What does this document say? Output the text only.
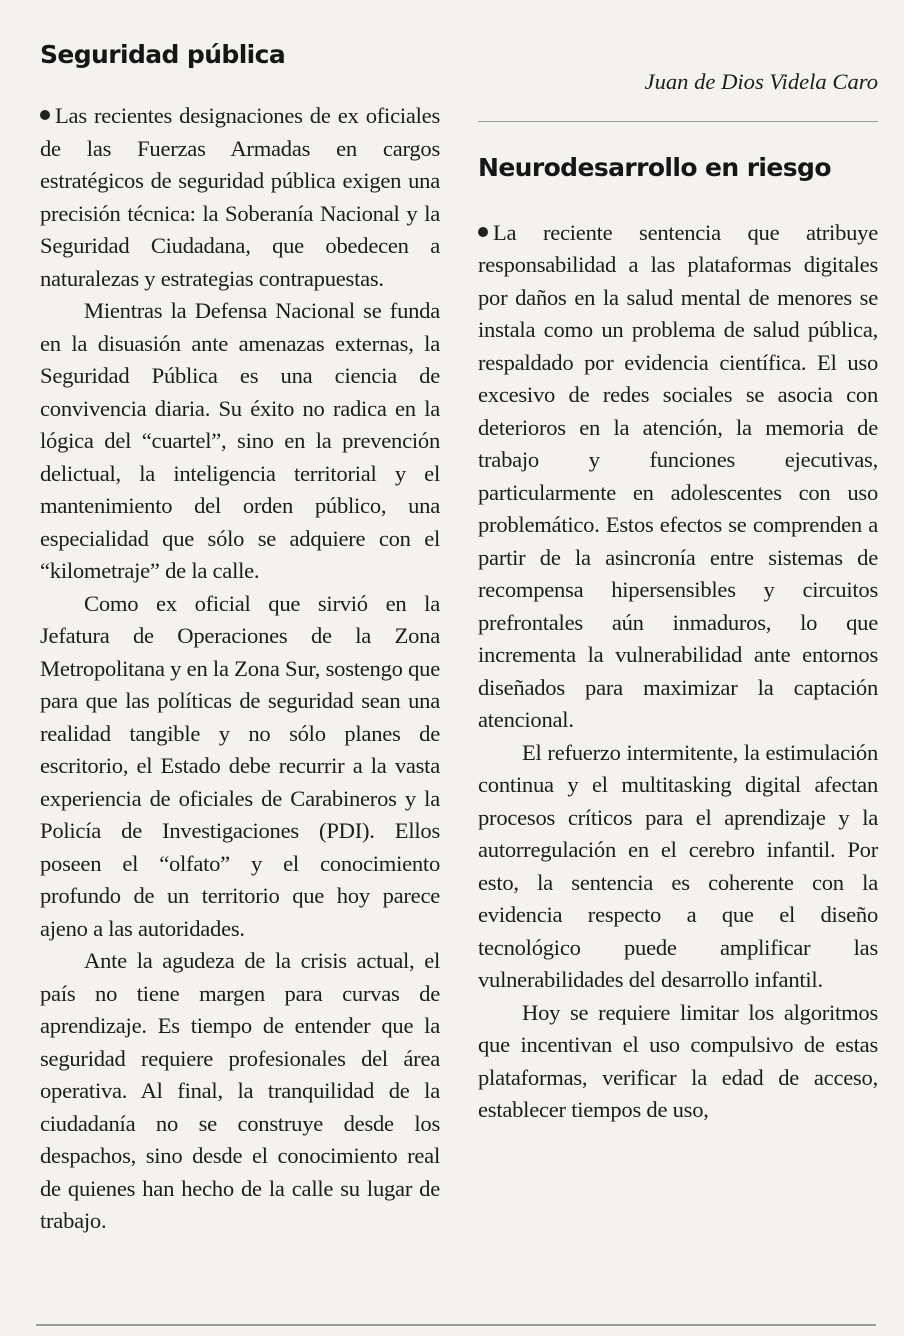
Seguridad pública

Las recientes designaciones de ex oficiales de las Fuerzas Armadas en cargos estratégicos de seguridad pública exigen una precisión técnica: la Soberanía Nacional y la Seguridad Ciudadana, que obedecen a naturalezas y estrategias contrapuestas.

Mientras la Defensa Nacional se funda en la disuasión ante amenazas externas, la Seguridad Pública es una ciencia de convivencia diaria. Su éxito no radica en la lógica del “cuartel”, sino en la prevención delictual, la inteligencia territorial y el mantenimiento del orden público, una especialidad que sólo se adquiere con el “kilometraje” de la calle.

Como ex oficial que sirvió en la Jefatura de Operaciones de la Zona Metropolitana y en la Zona Sur, sostengo que para que las políticas de seguridad sean una realidad tangible y no sólo planes de escritorio, el Estado debe recurrir a la vasta experiencia de oficiales de Carabineros y la Policía de Investigaciones (PDI). Ellos poseen el “olfato” y el conocimiento profundo de un territorio que hoy parece ajeno a las autoridades.

Ante la agudeza de la crisis actual, el país no tiene margen para curvas de aprendizaje. Es tiempo de entender que la seguridad requiere profesionales del área operativa. Al final, la tranquilidad de la ciudadanía no se construye desde los despachos, sino desde el conocimiento real de quienes han hecho de la calle su lugar de trabajo.

Juan de Dios Videla Caro
Neurodesarrollo en riesgo

La reciente sentencia que atribuye responsabilidad a las plataformas digitales por daños en la salud mental de menores se instala como un problema de salud pública, respaldado por evidencia científica. El uso excesivo de redes sociales se asocia con deterioros en la atención, la memoria de trabajo y funciones ejecutivas, particularmente en adolescentes con uso problemático. Estos efectos se comprenden a partir de la asincronía entre sistemas de recompensa hipersensibles y circuitos prefrontales aún inmaduros, lo que incrementa la vulnerabilidad ante entornos diseñados para maximizar la captación atencional.

El refuerzo intermitente, la estimulación continua y el multitasking digital afectan procesos críticos para el aprendizaje y la autorregulación en el cerebro infantil. Por esto, la sentencia es coherente con la evidencia respecto a que el diseño tecnológico puede amplificar las vulnerabilidades del desarrollo infantil.

Hoy se requiere limitar los algoritmos que incentivan el uso compulsivo de estas plataformas, verificar la edad de acceso, establecer tiempos de uso,
